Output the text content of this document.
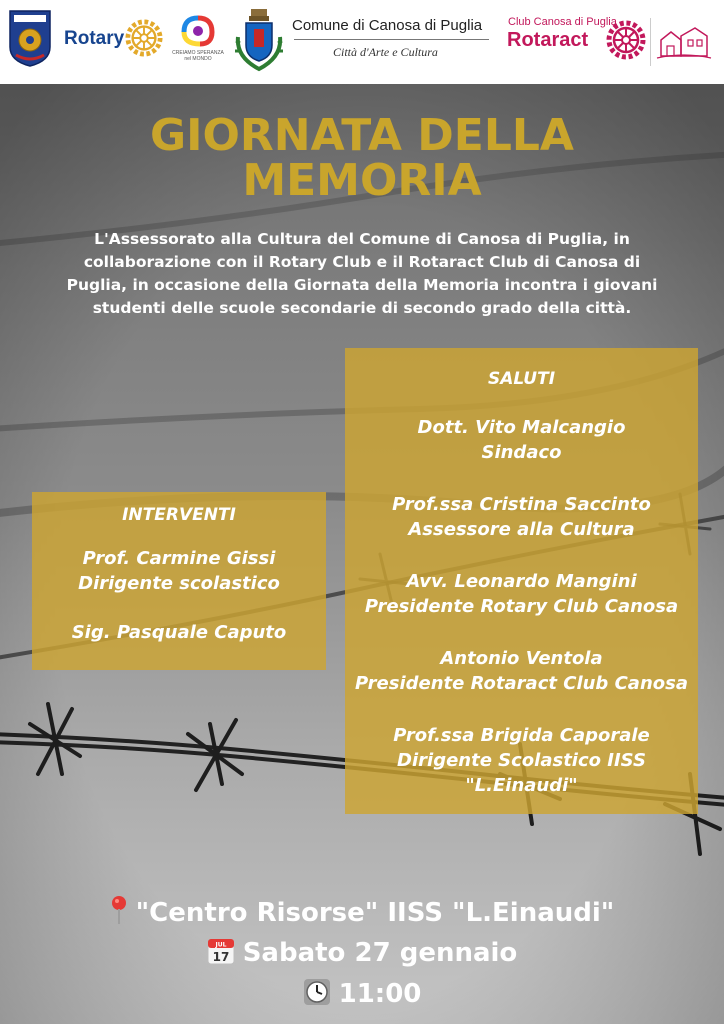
Rotary
CREIAMO SPERANZA nel MONDO
Comune di Canosa di Puglia
Città d'Arte e Cultura
Club Canosa di Puglia
Rotaract
GIORNATA DELLA
MEMORIA
L'Assessorato alla Cultura del Comune di Canosa di Puglia, in collaborazione con il Rotary Club e il Rotaract Club di Canosa di Puglia, in occasione della Giornata della Memoria incontra i giovani studenti delle scuole secondarie di secondo grado della città.
SALUTI
Dott. Vito Malcangio
Sindaco
Prof.ssa Cristina Saccinto
Assessore alla Cultura
Avv. Leonardo Mangini
Presidente Rotary Club Canosa
Antonio Ventola
Presidente Rotaract Club Canosa
Prof.ssa Brigida Caporale
Dirigente Scolastico IISS
"L.Einaudi"
INTERVENTI
Prof. Carmine Gissi
Dirigente scolastico
Sig. Pasquale Caputo
"Centro Risorse" IISS "L.Einaudi"
JUL
17 Sabato 27 gennaio
11:00
